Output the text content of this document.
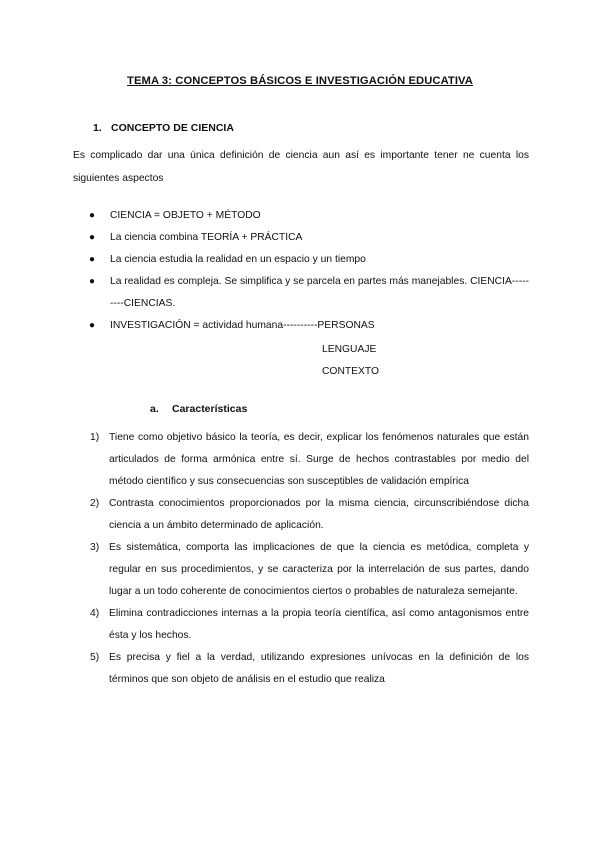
TEMA 3: CONCEPTOS BÁSICOS E INVESTIGACIÓN EDUCATIVA
1. CONCEPTO DE CIENCIA
Es complicado dar una única definición de ciencia aun así es importante tener ne cuenta los siguientes aspectos
● CIENCIA = OBJETO + MÉTODO
● La ciencia combina TEORÍA + PRÁCTICA
● La ciencia estudia la realidad en un espacio y un tiempo
● La realidad es compleja. Se simplifica y se parcela en partes más manejables. CIENCIA---------CIENCIAS.
● INVESTIGACIÓN = actividad humana----------PERSONAS
LENGUAJE
CONTEXTO
a. Características
1) Tiene como objetivo básico la teoría, es decir, explicar los fenómenos naturales que están articulados de forma armónica entre sí. Surge de hechos contrastables por medio del método científico y sus consecuencias son susceptibles de validación empírica
2) Contrasta conocimientos proporcionados por la misma ciencia, circunscribiéndose dicha ciencia a un ámbito determinado de aplicación.
3) Es sistemática, comporta las implicaciones de que la ciencia es metódica, completa y regular en sus procedimientos, y se caracteriza por la interrelación de sus partes, dando lugar a un todo coherente de conocimientos ciertos o probables de naturaleza semejante.
4) Elimina contradicciones internas a la propia teoría científica, así como antagonismos entre ésta y los hechos.
5) Es precisa y fiel a la verdad, utilizando expresiones unívocas en la definición de los términos que son objeto de análisis en el estudio que realiza
